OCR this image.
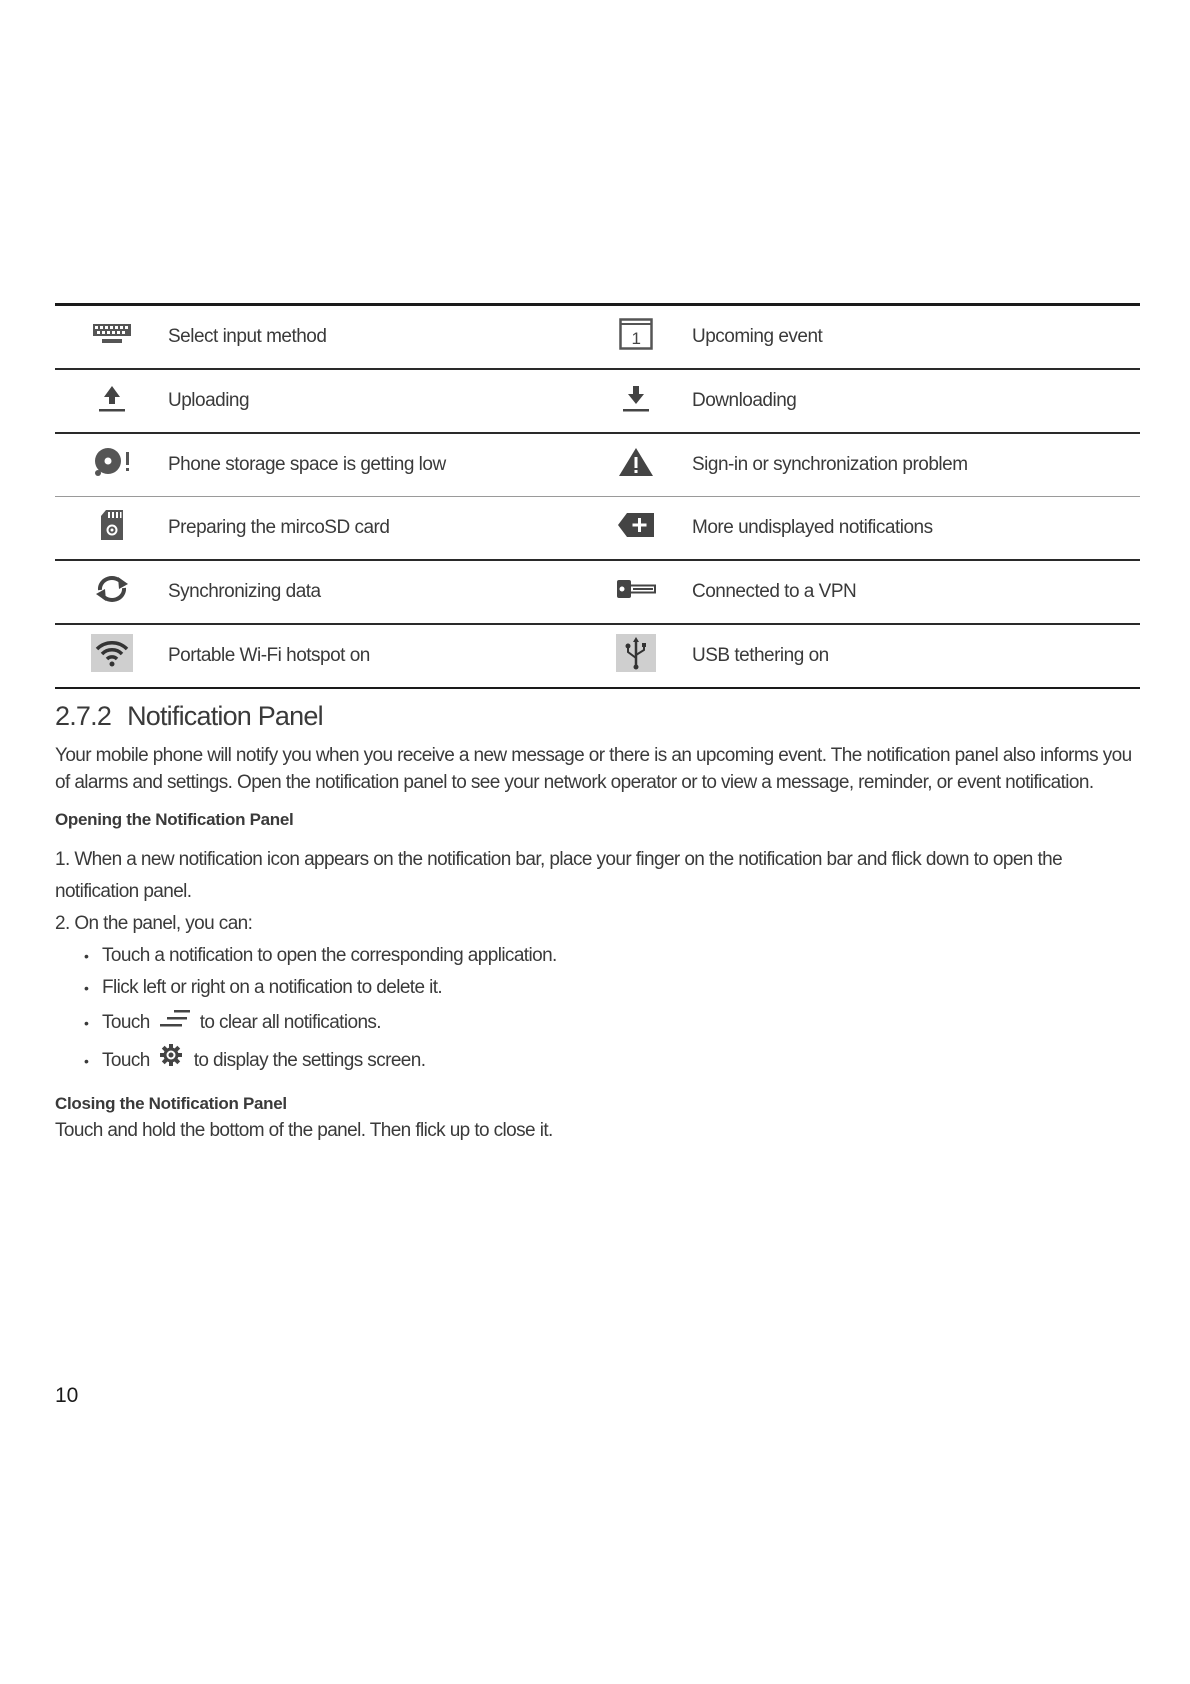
	Select input method	1	Upcoming event
	Uploading		Downloading
	Phone storage space is getting low		Sign-in or synchronization problem
	Preparing the mircoSD card		More undisplayed notifications
	Synchronizing data		Connected to a VPN
	Portable Wi-Fi hotspot on		USB tethering on
2.7.2 Notification Panel

Your mobile phone will notify you when you receive a new message or there is an upcoming event. The notification panel also informs you of alarms and settings. Open the notification panel to see your network operator or to view a message, reminder, or event notification.

Opening the Notification Panel
1. When a new notification icon appears on the notification bar, place your finger on the notification bar and flick down to open the notification panel.
2. On the panel, you can:
• Touch a notification to open the corresponding application.
• Flick left or right on a notification to delete it.
• Touch	to clear all notifications.
• Touch to display the settings screen.
Closing the Notification Panel

Touch and hold the bottom of the panel. Then flick up to close it.

10
